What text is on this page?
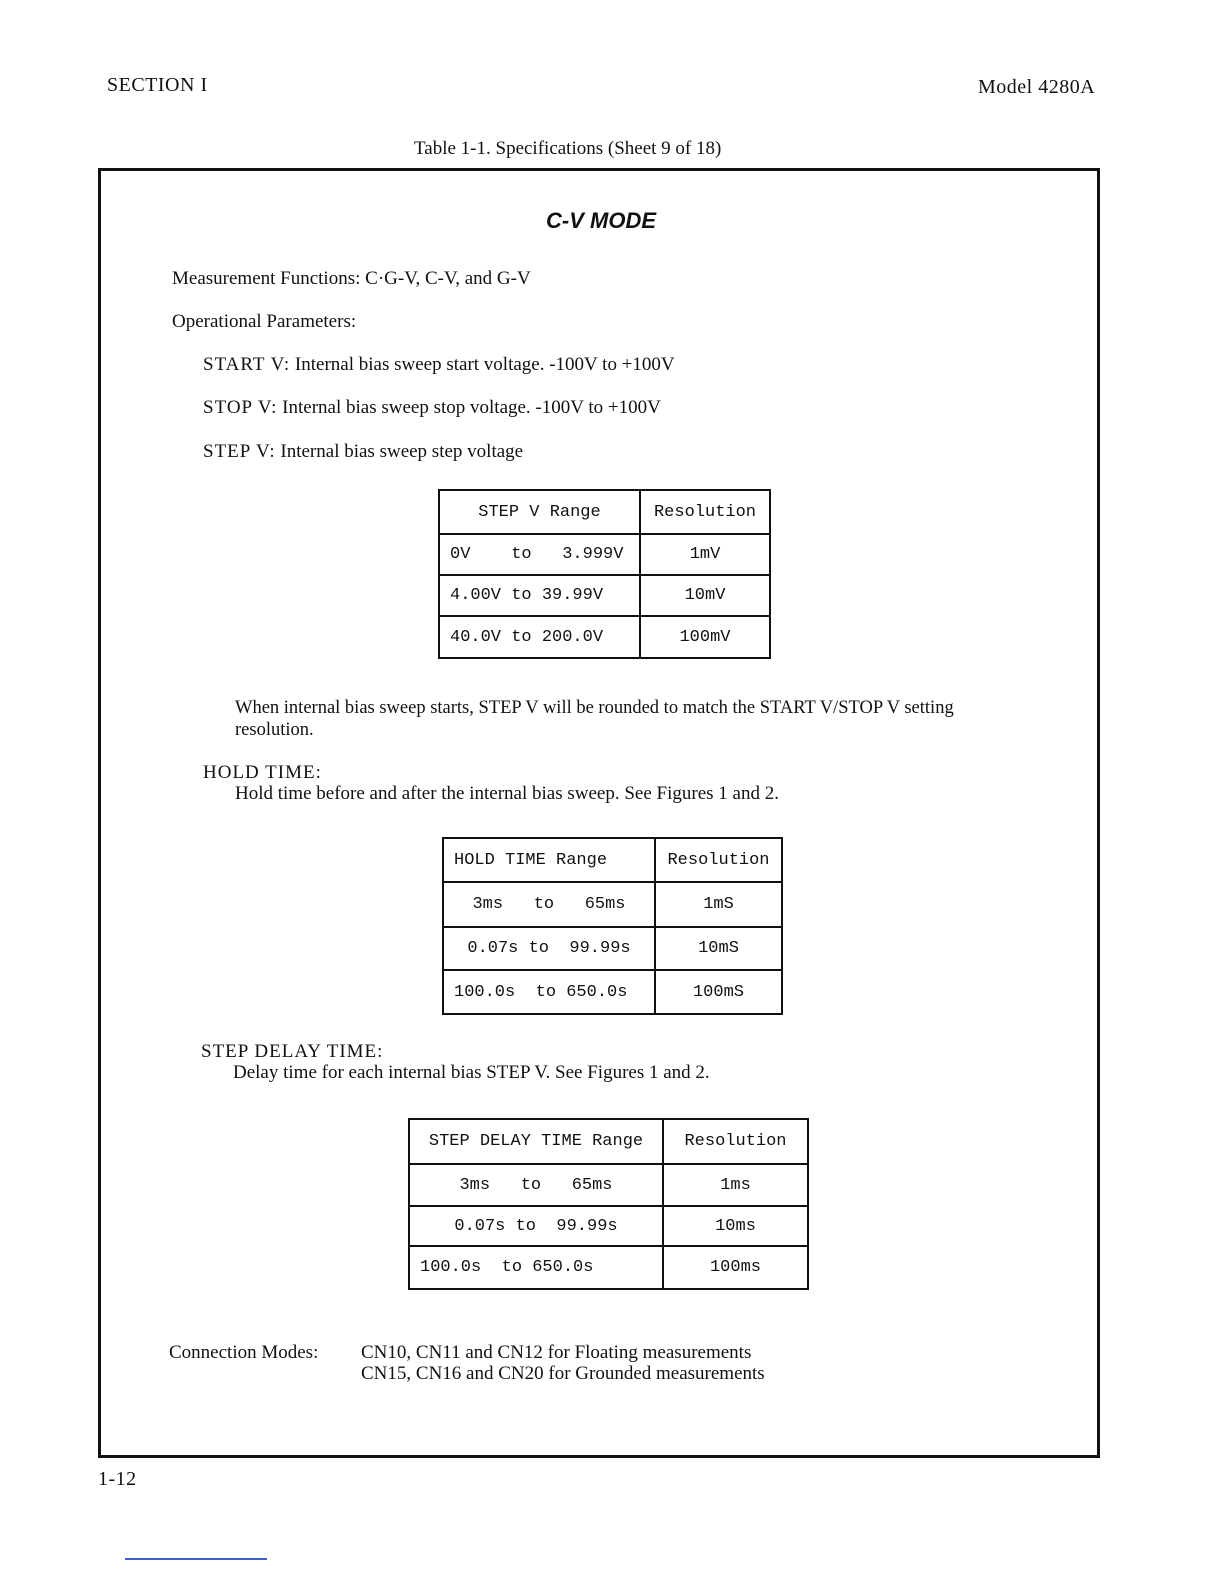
SECTION I	Model 4280A
Table 1-1. Specifications (Sheet 9 of 18)
C-V MODE
Measurement Functions: C·G-V, C-V, and G-V
Operational Parameters:
START V: Internal bias sweep start voltage. -100V to +100V
STOP V: Internal bias sweep stop voltage. -100V to +100V
STEP V: Internal bias sweep step voltage
STEP V Range	Resolution
0V to 3.999V	1mV
4.00V to 39.99V	10mV
40.0V to 200.0V	100mV
When internal bias sweep starts, STEP V will be rounded to match the START V/STOP V setting resolution.
HOLD TIME:
Hold time before and after the internal bias sweep. See Figures 1 and 2.
HOLD TIME Range	Resolution
3ms to 65ms	1mS
0.07s to 99.99s	10mS
100.0s to 650.0s	100mS
STEP DELAY TIME:
Delay time for each internal bias STEP V. See Figures 1 and 2.
STEP DELAY TIME Range	Resolution
3ms to 65ms	1ms
0.07s to 99.99s	10ms
100.0s to 650.0s	100ms
Connection Modes: CN10, CN11 and CN12 for Floating measurements
CN15, CN16 and CN20 for Grounded measurements
1-12
